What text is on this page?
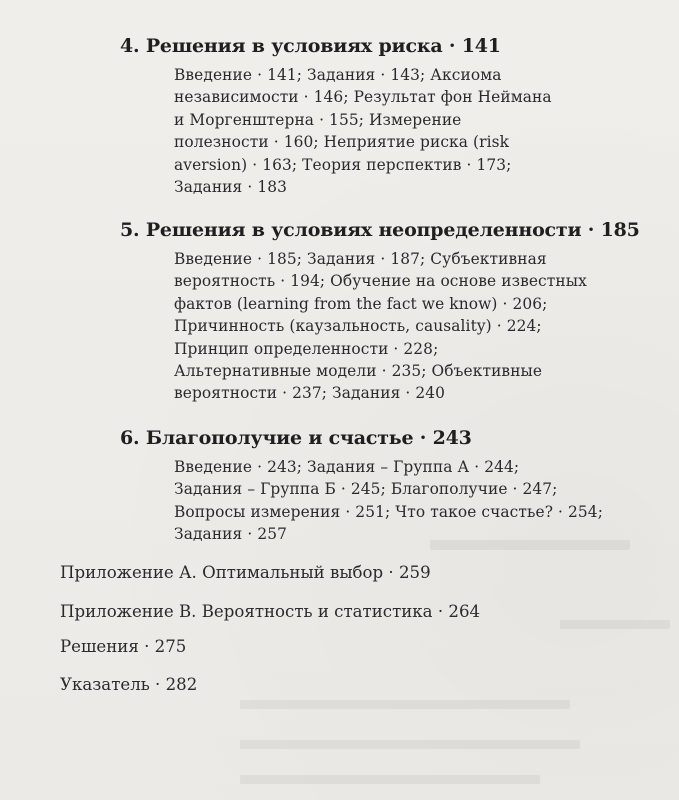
4. Решения в условиях риска · 141
Введение · 141; Задания · 143; Аксиома
независимости · 146; Результат фон Неймана
и Моргенштерна · 155; Измерение
полезности · 160; Неприятие риска (risk
aversion) · 163; Теория перспектив · 173;
Задания · 183
5. Решения в условиях неопределенности · 185
Введение · 185; Задания · 187; Субъективная
вероятность · 194; Обучение на основе известных
фактов (learning from the fact we know) · 206;
Причинность (каузальность, causality) · 224;
Принцип определенности · 228;
Альтернативные модели · 235; Объективные
вероятности · 237; Задания · 240
6. Благополучие и счастье · 243
Введение · 243; Задания – Группа А · 244;
Задания – Группа Б · 245; Благополучие · 247;
Вопросы измерения · 251; Что такое счастье? · 254;
Задания · 257
Приложение А. Оптимальный выбор · 259
Приложение В. Вероятность и статистика · 264
Решения · 275
Указатель · 282
